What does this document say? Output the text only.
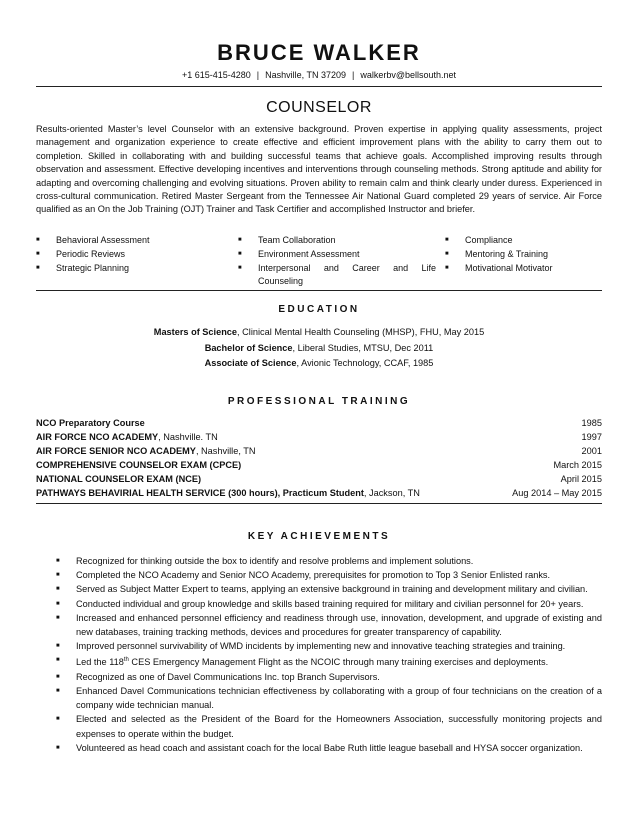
BRUCE WALKER
+1 615-415-4280 | Nashville, TN 37209 | walkerbv@bellsouth.net
COUNSELOR
Results-oriented Master’s level Counselor with an extensive background. Proven expertise in applying quality assessments, project management and organization experience to create effective and efficient improvement plans with the ability to carry them out to completion. Skilled in collaborating with and building successful teams that achieve goals. Accomplished improving results through observation and assessment. Effective developing incentives and interventions through counseling methods. Strong aptitude and ability for adapting and overcoming challenging and evolving situations. Proven ability to remain calm and think clearly under duress. Experienced in cross-cultural communication. Retired Master Sergeant from the Tennessee Air National Guard completed 29 years of service. Air Force qualified as an On the Job Training (OJT) Trainer and Task Certifier and accomplished Instructor and briefer.
■ Behavioral Assessment
■ Periodic Reviews
■ Strategic Planning
■ Team Collaboration
■ Environment Assessment
■ Interpersonal and Career and Life
Counseling
■ Compliance
■ Mentoring & Training
■ Motivational Motivator
EDUCATION
Masters of Science, Clinical Mental Health Counseling (MHSP), FHU, May 2015
Bachelor of Science, Liberal Studies, MTSU, Dec 2011
Associate of Science, Avionic Technology, CCAF, 1985
PROFESSIONAL TRAINING
NCO Preparatory Course	1985
AIR FORCE NCO ACADEMY, Nashville. TN	1997
AIR FORCE SENIOR NCO ACADEMY, Nashville, TN	2001
COMPREHENSIVE COUNSELOR EXAM (CPCE)	March 2015
NATIONAL COUNSELOR EXAM (NCE)	April 2015
PATHWAYS BEHAVIRIAL HEALTH SERVICE (300 hours), Practicum Student, Jackson, TN	Aug 2014 – May 2015
KEY ACHIEVEMENTS
■ Recognized for thinking outside the box to identify and resolve problems and implement solutions.
■ Completed the NCO Academy and Senior NCO Academy, prerequisites for promotion to Top 3 Senior Enlisted ranks.
■ Served as Subject Matter Expert to teams, applying an extensive background in training and development military and civilian.
■ Conducted individual and group knowledge and skills based training required for military and civilian personnel for 20+ years.
■ Increased and enhanced personnel efficiency and readiness through use, innovation, development, and upgrade of existing and new databases, training tracking methods, devices and procedures for greater transparency of capability.
■ Improved personnel survivability of WMD incidents by implementing new and innovative teaching strategies and training.
■ Led the 118th CES Emergency Management Flight as the NCOIC through many training exercises and deployments.
■ Recognized as one of Davel Communications Inc. top Branch Supervisors.
■ Enhanced Davel Communications technician effectiveness by collaborating with a group of four technicians on the creation of a company wide technician manual.
■ Elected and selected as the President of the Board for the Homeowners Association, successfully monitoring projects and expenses to operate within the budget.
■ Volunteered as head coach and assistant coach for the local Babe Ruth little league baseball and HYSA soccer organization.
